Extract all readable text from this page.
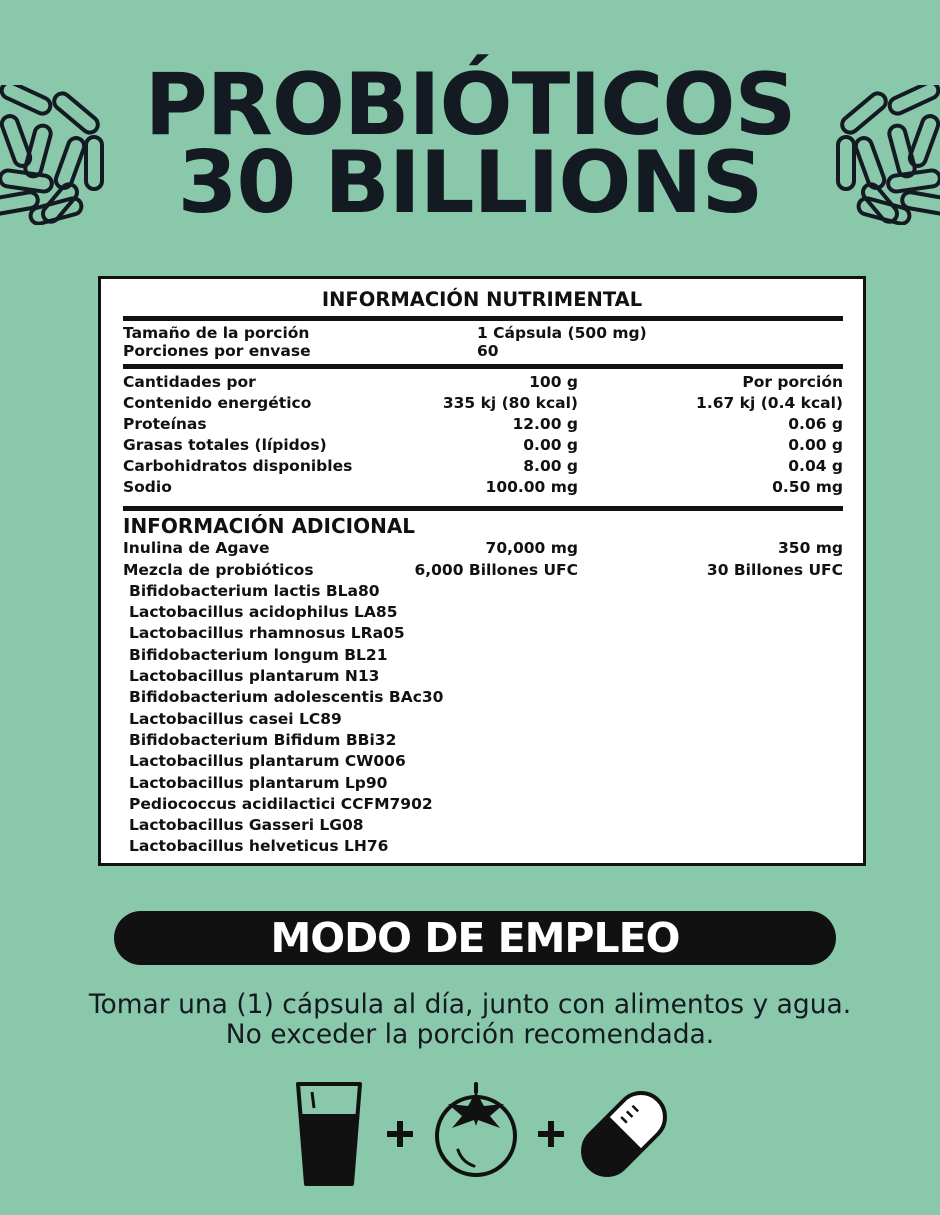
PROBIÓTICOS
30 BILLIONS
INFORMACIÓN NUTRIMENTAL
Tamaño de la porción	1 Cápsula (500 mg)
Porciones por envase	60
Cantidades por	100 g	Por porción
Contenido energético	335 kj (80 kcal)	1.67 kj (0.4 kcal)
Proteínas	12.00 g	0.06 g
Grasas totales (lípidos)	0.00 g	0.00 g
Carbohidratos disponibles	8.00 g	0.04 g
Sodio	100.00 mg	0.50 mg
INFORMACIÓN ADICIONAL
Inulina de Agave	70,000 mg	350 mg
Mezcla de probióticos	6,000 Billones UFC	30 Billones UFC
Bifidobacterium lactis BLa80
Lactobacillus acidophilus LA85
Lactobacillus rhamnosus LRa05
Bifidobacterium longum BL21
Lactobacillus plantarum N13
Bifidobacterium adolescentis BAc30
Lactobacillus casei LC89
Bifidobacterium Bifidum BBi32
Lactobacillus plantarum CW006
Lactobacillus plantarum Lp90
Pediococcus acidilactici CCFM7902
Lactobacillus Gasseri LG08
Lactobacillus helveticus LH76
MODO DE EMPLEO
Tomar una (1) cápsula al día, junto con alimentos y agua.
No exceder la porción recomendada.
